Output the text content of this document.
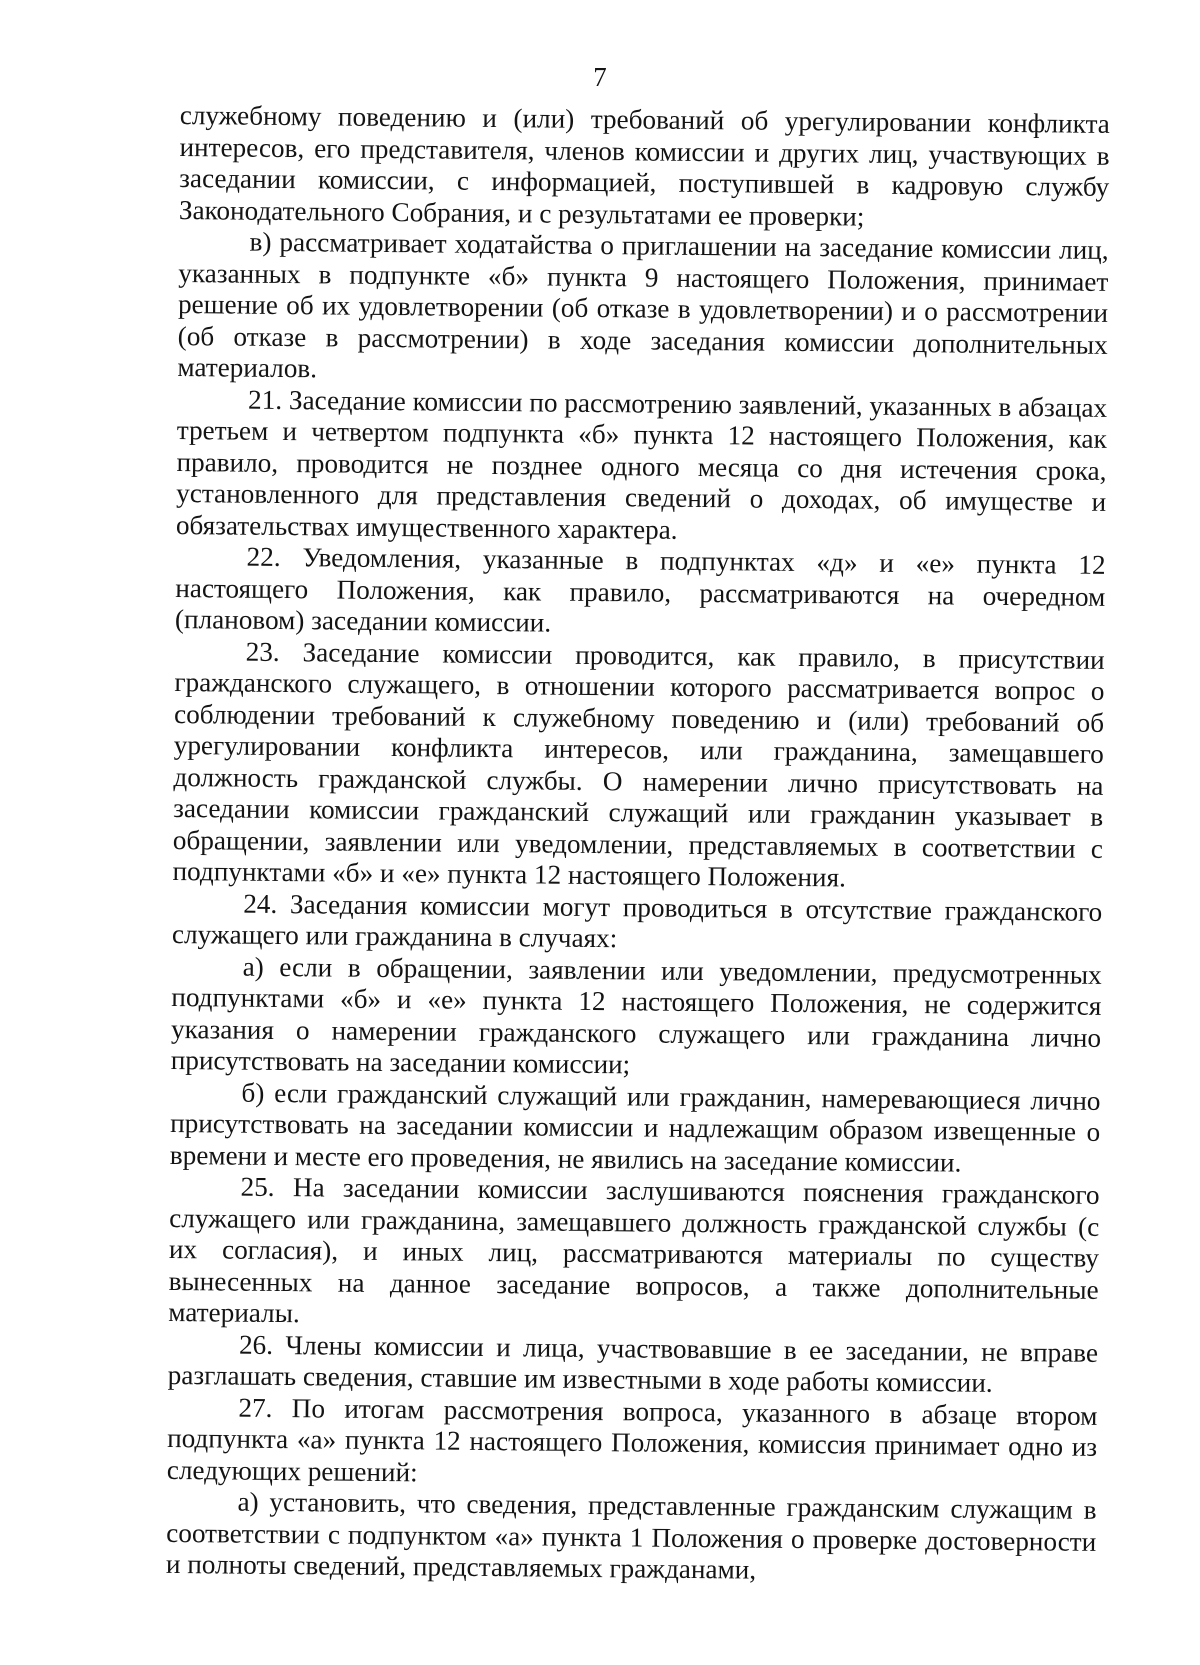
7

служебному поведению и (или) требований об урегулировании конфликта интересов, его представителя, членов комиссии и других лиц, участвующих в заседании комиссии, с информацией, поступившей в кадровую службу Законодательного Собрания, и с результатами ее проверки;

в) рассматривает ходатайства о приглашении на заседание комиссии лиц, указанных в подпункте «б» пункта 9 настоящего Положения, принимает решение об их удовлетворении (об отказе в удовлетворении) и о рассмотрении (об отказе в рассмотрении) в ходе заседания комиссии дополнительных материалов.

21. Заседание комиссии по рассмотрению заявлений, указанных в абзацах третьем и четвертом подпункта «б» пункта 12 настоящего Положения, как правило, проводится не позднее одного месяца со дня истечения срока, установленного для представления сведений о доходах, об имуществе и обязательствах имущественного характера.

22. Уведомления, указанные в подпунктах «д» и «е» пункта 12 настоящего Положения, как правило, рассматриваются на очередном (плановом) заседании комиссии.

23. Заседание комиссии проводится, как правило, в присутствии гражданского служащего, в отношении которого рассматривается вопрос о соблюдении требований к служебному поведению и (или) требований об урегулировании конфликта интересов, или гражданина, замещавшего должность гражданской службы. О намерении лично присутствовать на заседании комиссии гражданский служащий или гражданин указывает в обращении, заявлении или уведомлении, представляемых в соответствии с подпунктами «б» и «е» пункта 12 настоящего Положения.

24. Заседания комиссии могут проводиться в отсутствие гражданского служащего или гражданина в случаях:

а) если в обращении, заявлении или уведомлении, предусмотренных подпунктами «б» и «е» пункта 12 настоящего Положения, не содержится указания о намерении гражданского служащего или гражданина лично присутствовать на заседании комиссии;

б) если гражданский служащий или гражданин, намеревающиеся лично присутствовать на заседании комиссии и надлежащим образом извещенные о времени и месте его проведения, не явились на заседание комиссии.

25. На заседании комиссии заслушиваются пояснения гражданского служащего или гражданина, замещавшего должность гражданской службы (с их согласия), и иных лиц, рассматриваются материалы по существу вынесенных на данное заседание вопросов, а также дополнительные материалы.

26. Члены комиссии и лица, участвовавшие в ее заседании, не вправе разглашать сведения, ставшие им известными в ходе работы комиссии.

27. По итогам рассмотрения вопроса, указанного в абзаце втором подпункта «а» пункта 12 настоящего Положения, комиссия принимает одно из следующих решений:

а) установить, что сведения, представленные гражданским служащим в соответствии с подпунктом «а» пункта 1 Положения о проверке достоверности и полноты сведений, представляемых гражданами,
